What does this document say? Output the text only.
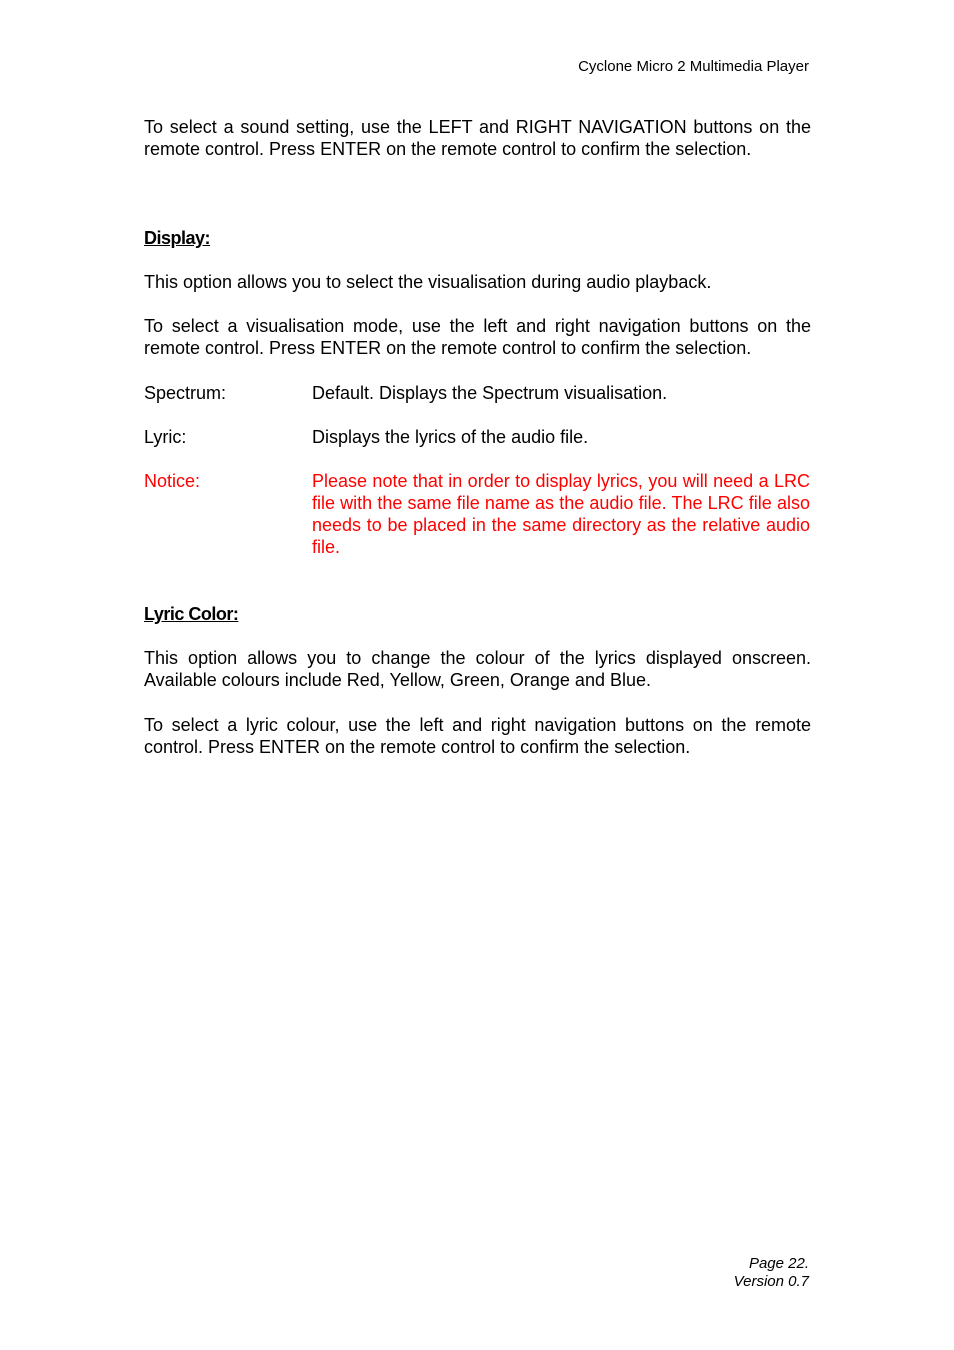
Cyclone Micro 2 Multimedia Player

To select a sound setting, use the LEFT and RIGHT NAVIGATION buttons on the remote control. Press ENTER on the remote control to confirm the selection.

Display:

This option allows you to select the visualisation during audio playback.

To select a visualisation mode, use the left and right navigation buttons on the remote control. Press ENTER on the remote control to confirm the selection.

Spectrum:	Default. Displays the Spectrum visualisation.
Lyric:	Displays the lyrics of the audio file.
Notice:	Please note that in order to display lyrics, you will need a LRC file with the same file name as the audio file. The LRC file also needs to be placed in the same directory as the relative audio file.
Lyric Color:

This option allows you to change the colour of the lyrics displayed onscreen. Available colours include Red, Yellow, Green, Orange and Blue.

To select a lyric colour, use the left and right navigation buttons on the remote control. Press ENTER on the remote control to confirm the selection.

Page 22.
Version 0.7
